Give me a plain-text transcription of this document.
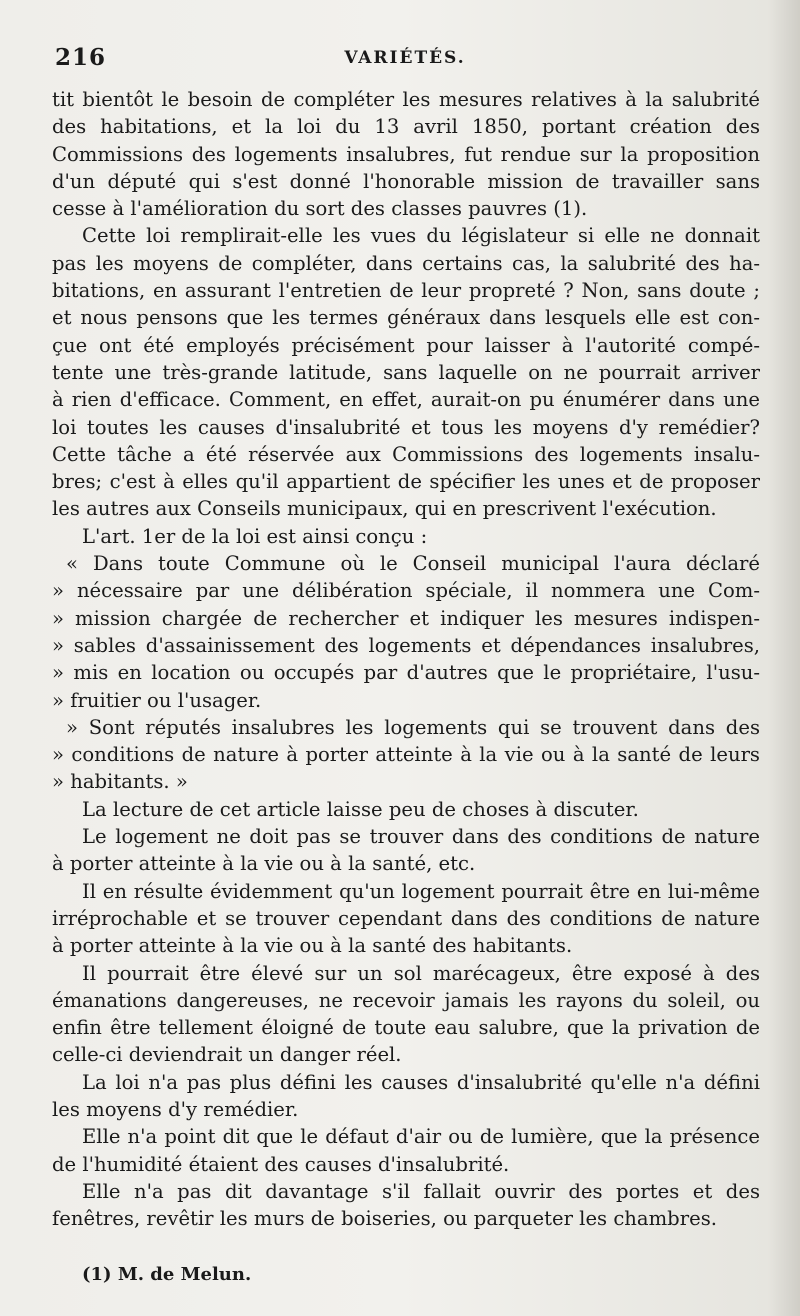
216	VARIÉTÉS.
tit bientôt le besoin de compléter les mesures relatives à la salubrité
des habitations, et la loi du 13 avril 1850, portant création des
Commissions des logements insalubres, fut rendue sur la proposition
d'un député qui s'est donné l'honorable mission de travailler sans
cesse à l'amélioration du sort des classes pauvres (1).
Cette loi remplirait-elle les vues du législateur si elle ne donnait
pas les moyens de compléter, dans certains cas, la salubrité des ha-
bitations, en assurant l'entretien de leur propreté ? Non, sans doute ;
et nous pensons que les termes généraux dans lesquels elle est con-
çue ont été employés précisément pour laisser à l'autorité compé-
tente une très-grande latitude, sans laquelle on ne pourrait arriver
à rien d'efficace. Comment, en effet, aurait-on pu énumérer dans une
loi toutes les causes d'insalubrité et tous les moyens d'y remédier?
Cette tâche a été réservée aux Commissions des logements insalu-
bres; c'est à elles qu'il appartient de spécifier les unes et de proposer
les autres aux Conseils municipaux, qui en prescrivent l'exécution.
L'art. 1er de la loi est ainsi conçu :
« Dans toute Commune où le Conseil municipal l'aura déclaré
» nécessaire par une délibération spéciale, il nommera une Com-
» mission chargée de rechercher et indiquer les mesures indispen-
» sables d'assainissement des logements et dépendances insalubres,
» mis en location ou occupés par d'autres que le propriétaire, l'usu-
» fruitier ou l'usager.
» Sont réputés insalubres les logements qui se trouvent dans des
» conditions de nature à porter atteinte à la vie ou à la santé de leurs
» habitants. »
La lecture de cet article laisse peu de choses à discuter.
Le logement ne doit pas se trouver dans des conditions de nature
à porter atteinte à la vie ou à la santé, etc.
Il en résulte évidemment qu'un logement pourrait être en lui-même
irréprochable et se trouver cependant dans des conditions de nature
à porter atteinte à la vie ou à la santé des habitants.
Il pourrait être élevé sur un sol marécageux, être exposé à des
émanations dangereuses, ne recevoir jamais les rayons du soleil, ou
enfin être tellement éloigné de toute eau salubre, que la privation de
celle-ci deviendrait un danger réel.
La loi n'a pas plus défini les causes d'insalubrité qu'elle n'a défini
les moyens d'y remédier.
Elle n'a point dit que le défaut d'air ou de lumière, que la présence
de l'humidité étaient des causes d'insalubrité.
Elle n'a pas dit davantage s'il fallait ouvrir des portes et des
fenêtres, revêtir les murs de boiseries, ou parqueter les chambres.
(1) M. de Melun.
